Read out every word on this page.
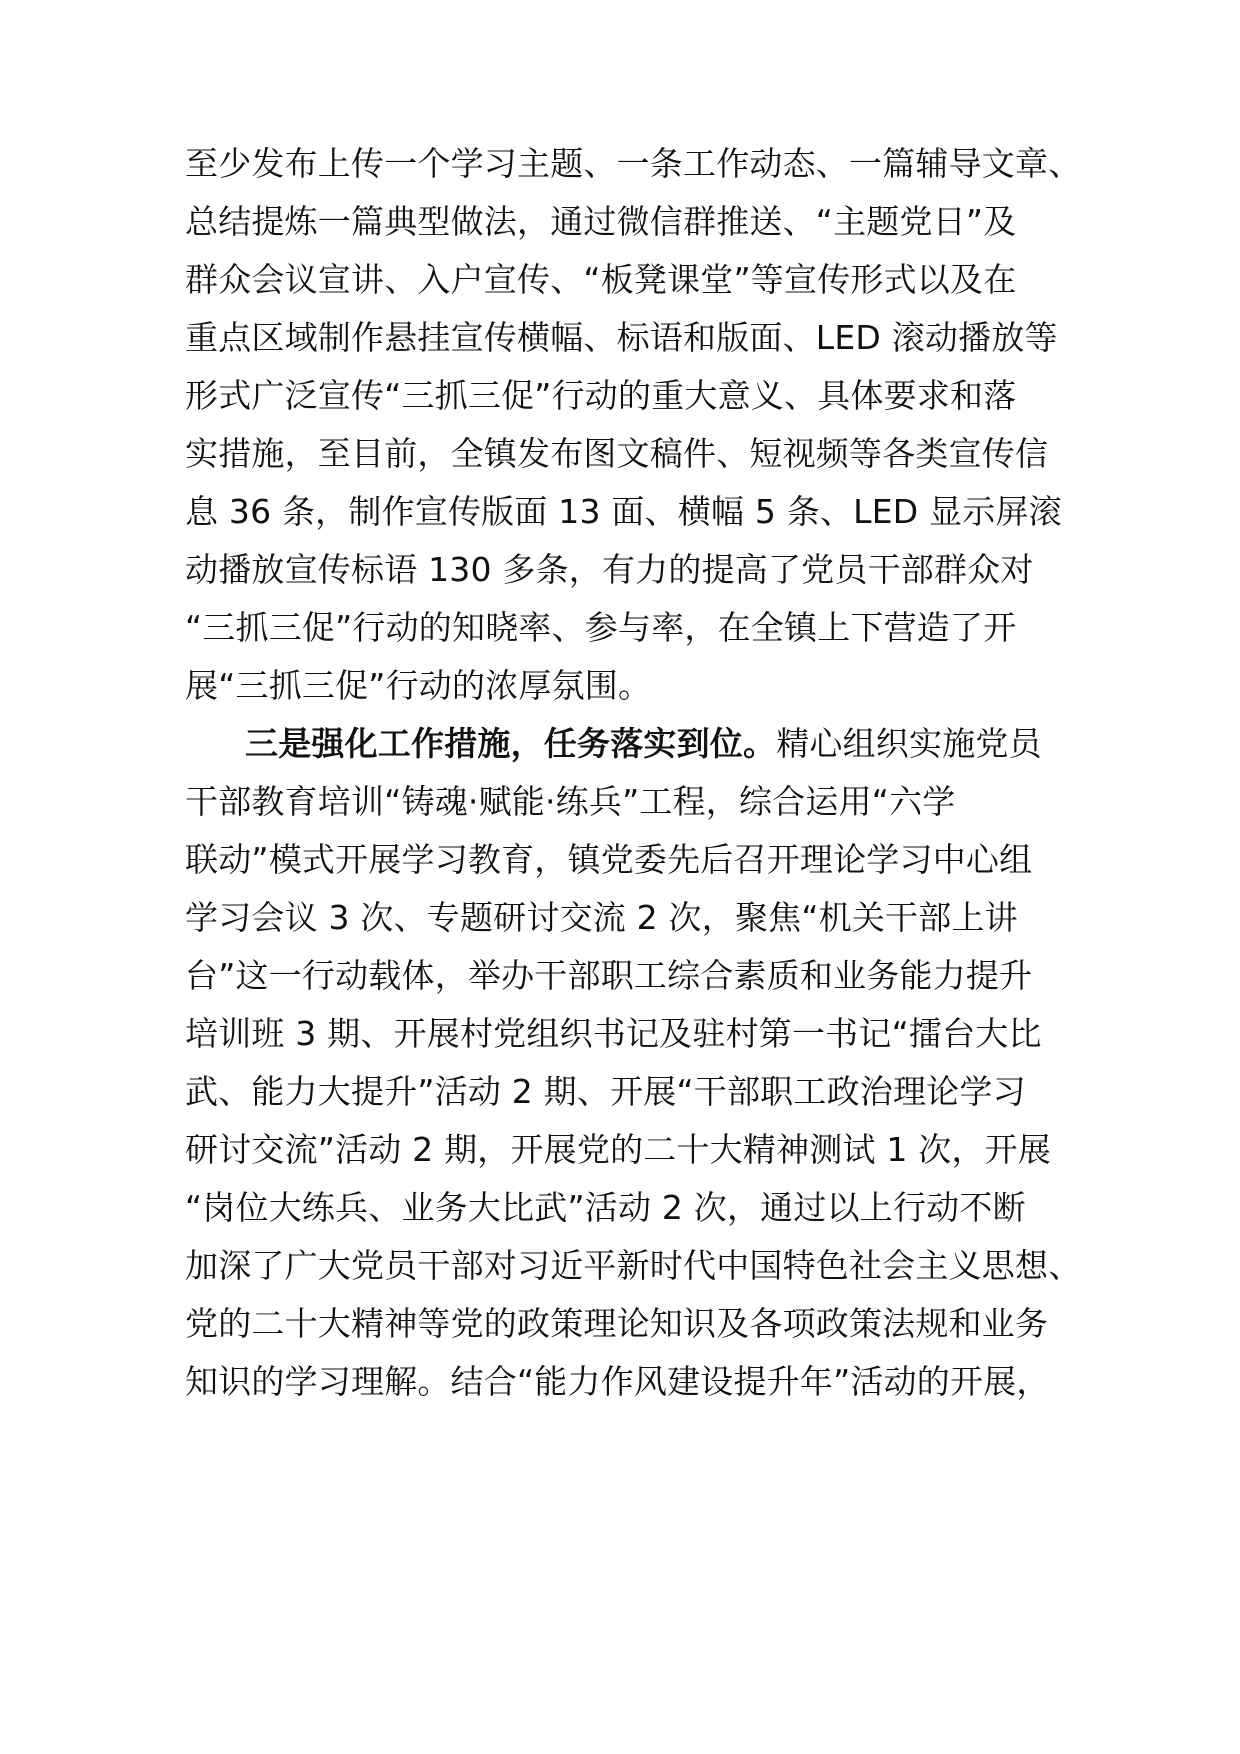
至少发布上传一个学习主题、一条工作动态、一篇辅导文章、
总结提炼一篇典型做法，通过微信群推送、“主题党日”及
群众会议宣讲、入户宣传、“板凳课堂”等宣传形式以及在
重点区域制作悬挂宣传横幅、标语和版面、LED 滚动播放等
形式广泛宣传“三抓三促”行动的重大意义、具体要求和落
实措施，至目前，全镇发布图文稿件、短视频等各类宣传信
息 36 条，制作宣传版面 13 面、横幅 5 条、LED 显示屏滚
动播放宣传标语 130 多条，有力的提高了党员干部群众对
“三抓三促”行动的知晓率、参与率，在全镇上下营造了开
展“三抓三促”行动的浓厚氛围。
三是强化工作措施，任务落实到位。精心组织实施党员
干部教育培训“铸魂·赋能·练兵”工程，综合运用“六学
联动”模式开展学习教育，镇党委先后召开理论学习中心组
学习会议 3 次、专题研讨交流 2 次，聚焦“机关干部上讲
台”这一行动载体，举办干部职工综合素质和业务能力提升
培训班 3 期、开展村党组织书记及驻村第一书记“擂台大比
武、能力大提升”活动 2 期、开展“干部职工政治理论学习
研讨交流”活动 2 期，开展党的二十大精神测试 1 次，开展
“岗位大练兵、业务大比武”活动 2 次，通过以上行动不断
加深了广大党员干部对习近平新时代中国特色社会主义思想、
党的二十大精神等党的政策理论知识及各项政策法规和业务
知识的学习理解。结合“能力作风建设提升年”活动的开展，
